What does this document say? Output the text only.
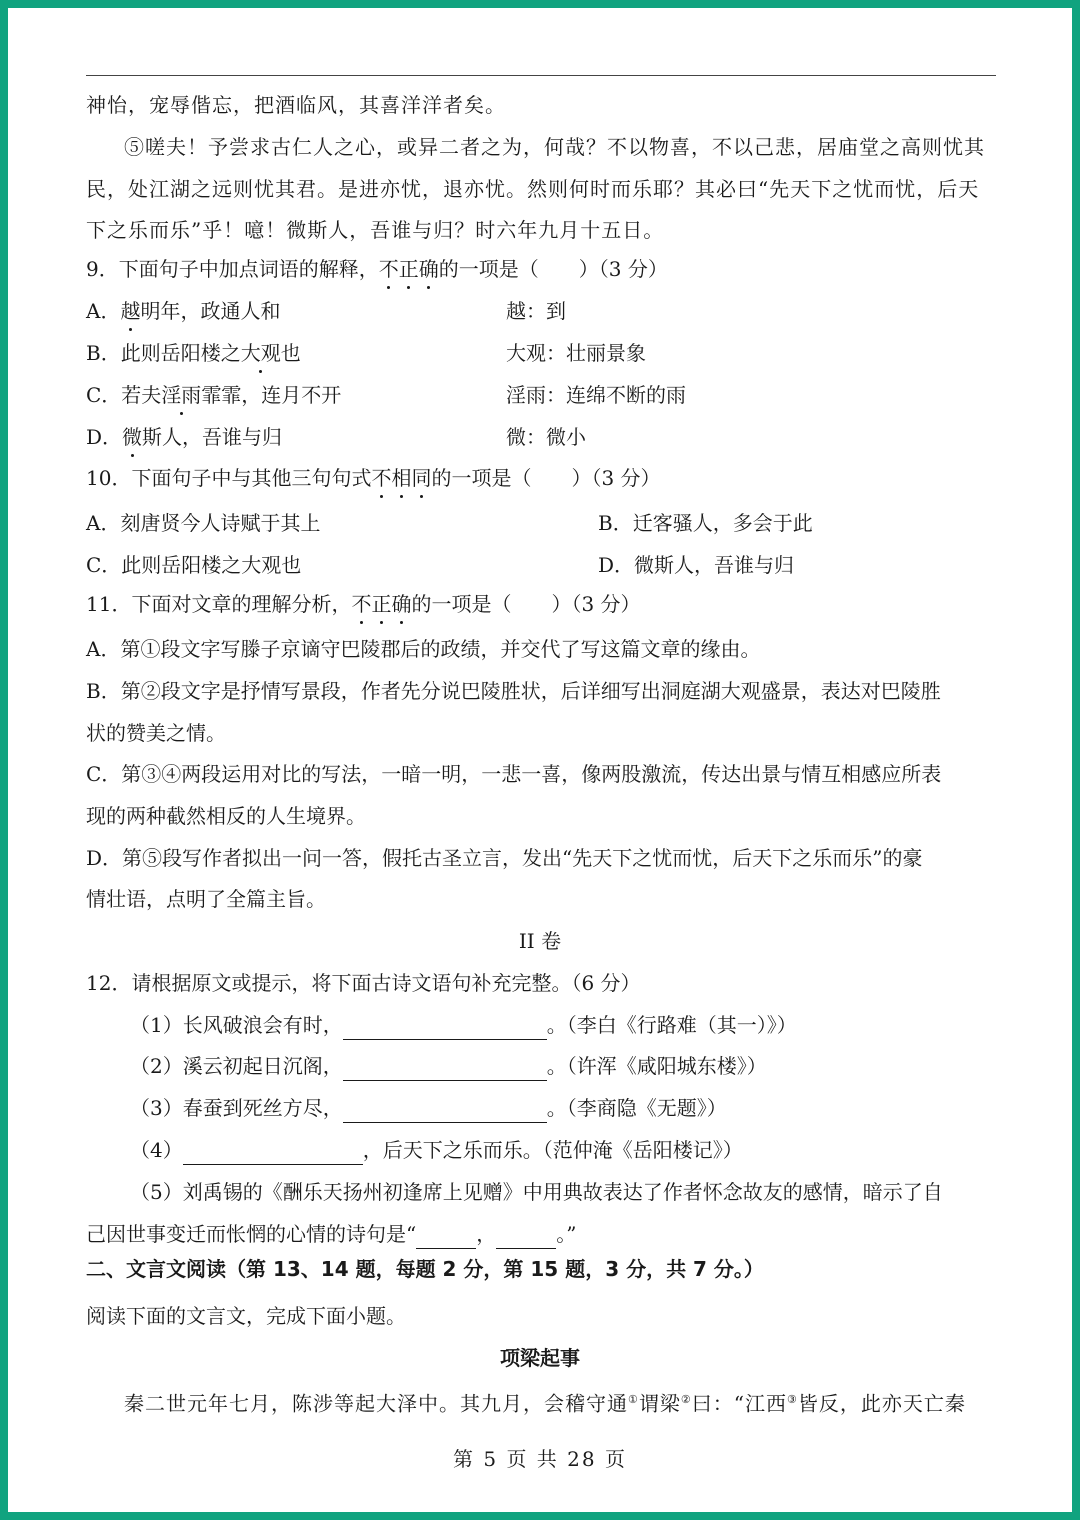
神怡，宠辱偕忘，把酒临风，其喜洋洋者矣。
⑤嗟夫！予尝求古仁人之心，或异二者之为，何哉？不以物喜，不以己悲，居庙堂之高则忧其
民，处江湖之远则忧其君。是进亦忧，退亦忧。然则何时而乐耶？其必曰“先天下之忧而忧，后天
下之乐而乐”乎！噫！微斯人，吾谁与归？时六年九月十五日。
9．下面句子中加点词语的解释，不正确的一项是（　　）（3 分）
A．越明年，政通人和	越：到
B．此则岳阳楼之大观也	大观：壮丽景象
C．若夫淫雨霏霏，连月不开	淫雨：连绵不断的雨
D．微斯人，吾谁与归	微：微小
10．下面句子中与其他三句句式不相同的一项是（　　）（3 分）
A．刻唐贤今人诗赋于其上	B．迁客骚人，多会于此
C．此则岳阳楼之大观也	D．微斯人，吾谁与归
11．下面对文章的理解分析，不正确的一项是（　　）（3 分）
A．第①段文字写滕子京谪守巴陵郡后的政绩，并交代了写这篇文章的缘由。
B．第②段文字是抒情写景段，作者先分说巴陵胜状，后详细写出洞庭湖大观盛景，表达对巴陵胜
状的赞美之情。
C．第③④两段运用对比的写法，一暗一明，一悲一喜，像两股激流，传达出景与情互相感应所表
现的两种截然相反的人生境界。
D．第⑤段写作者拟出一问一答，假托古圣立言，发出“先天下之忧而忧，后天下之乐而乐”的豪
情壮语，点明了全篇主旨。
II 卷
12．请根据原文或提示，将下面古诗文语句补充完整。（6 分）
（1）长风破浪会有时，	。（李白《行路难（其一）》）
（2）溪云初起日沉阁，	。（许浑《咸阳城东楼》）
（3）春蚕到死丝方尽，	。（李商隐《无题》）
（4）	，后天下之乐而乐。（范仲淹《岳阳楼记》）
（5）刘禹锡的《酬乐天扬州初逢席上见赠》中用典故表达了作者怀念故友的感情，暗示了自
己因世事变迁而怅惘的心情的诗句是“	，	。”
二、文言文阅读（第 13、14 题，每题 2 分，第 15 题，3 分，共 7 分。）
阅读下面的文言文，完成下面小题。
项梁起事
秦二世元年七月，陈涉等起大泽中。其九月，会稽守通①谓梁②曰：“江西③皆反，此亦天亡秦
第 5 页 共 28 页
